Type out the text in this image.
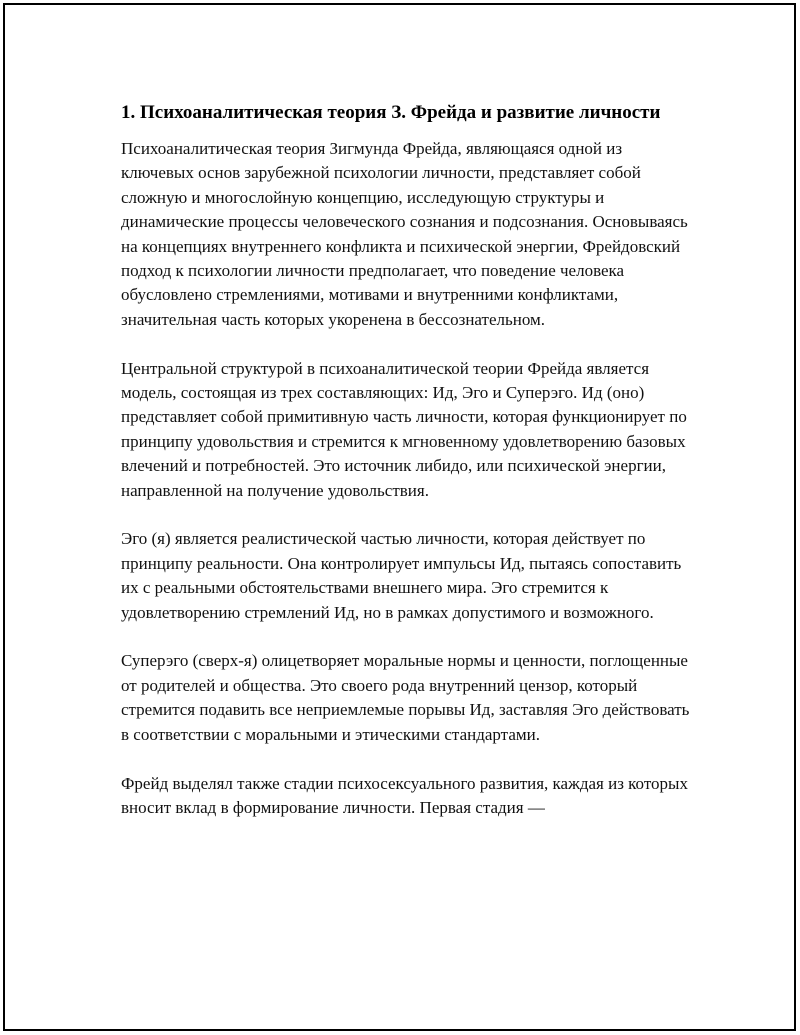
1. Психоаналитическая теория З. Фрейда и развитие личности

Психоаналитическая теория Зигмунда Фрейда, являющаяся одной из ключевых основ зарубежной психологии личности, представляет собой сложную и многослойную концепцию, исследующую структуры и динамические процессы человеческого сознания и подсознания. Основываясь на концепциях внутреннего конфликта и психической энергии, Фрейдовский подход к психологии личности предполагает, что поведение человека обусловлено стремлениями, мотивами и внутренними конфликтами, значительная часть которых укоренена в бессознательном.

Центральной структурой в психоаналитической теории Фрейда является модель, состоящая из трех составляющих: Ид, Эго и Суперэго. Ид (оно) представляет собой примитивную часть личности, которая функционирует по принципу удовольствия и стремится к мгновенному удовлетворению базовых влечений и потребностей. Это источник либидо, или психической энергии, направленной на получение удовольствия.

Эго (я) является реалистической частью личности, которая действует по принципу реальности. Она контролирует импульсы Ид, пытаясь сопоставить их с реальными обстоятельствами внешнего мира. Эго стремится к удовлетворению стремлений Ид, но в рамках допустимого и возможного.

Суперэго (сверх-я) олицетворяет моральные нормы и ценности, поглощенные от родителей и общества. Это своего рода внутренний цензор, который стремится подавить все неприемлемые порывы Ид, заставляя Эго действовать в соответствии с моральными и этическими стандартами.

Фрейд выделял также стадии психосексуального развития, каждая из которых вносит вклад в формирование личности. Первая стадия —
